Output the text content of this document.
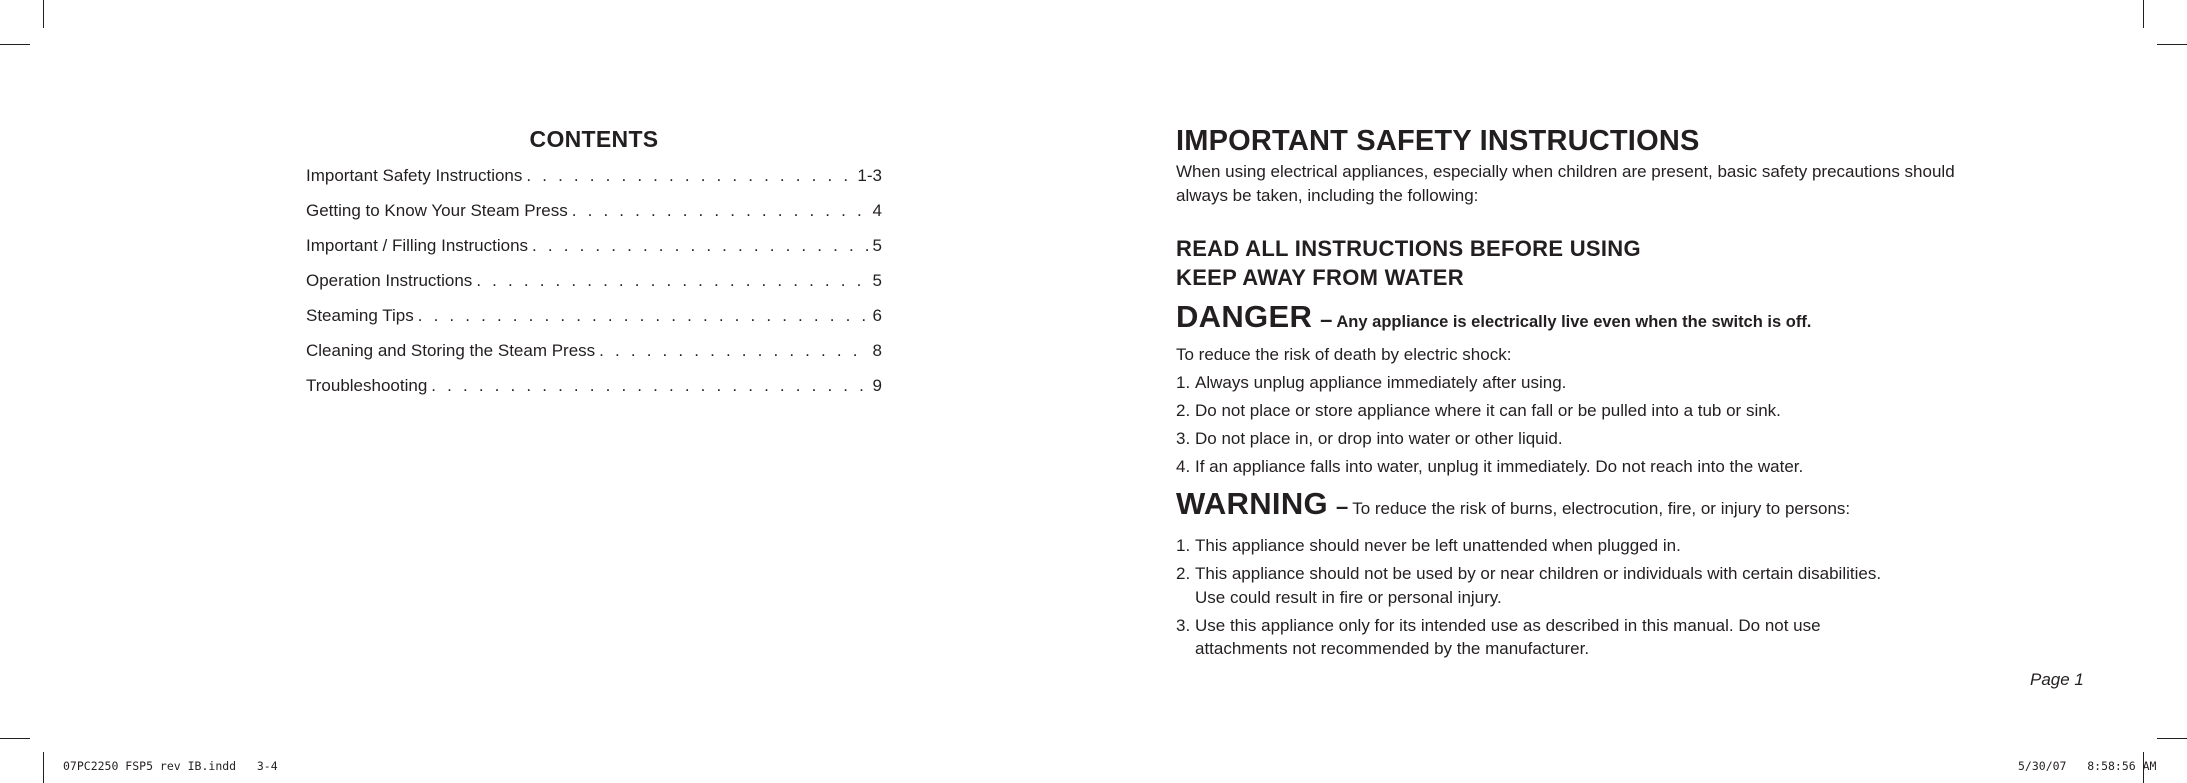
CONTENTS
Important Safety Instructions . . .	1-3
Getting to Know Your Steam Press . . .	4
Important / Filling Instructions . . .	5
Operation Instructions . . .	5
Steaming Tips . . .	6
Cleaning and Storing the Steam Press . . .	8
Troubleshooting . . .	9
IMPORTANT SAFETY INSTRUCTIONS

When using electrical appliances, especially when children are present, basic safety precautions should always be taken, including the following:

READ ALL INSTRUCTIONS BEFORE USING
KEEP AWAY FROM WATER
DANGER – Any appliance is electrically live even when the switch is off.

To reduce the risk of death by electric shock:

1. Always unplug appliance immediately after using.
2. Do not place or store appliance where it can fall or be pulled into a tub or sink.
3. Do not place in, or drop into water or other liquid.
4. If an appliance falls into water, unplug it immediately. Do not reach into the water.
WARNING – To reduce the risk of burns, electrocution, fire, or injury to persons:
1. This appliance should never be left unattended when plugged in.
2. This appliance should not be used by or near children or individuals with certain disabilities.
Use could result in fire or personal injury.
3. Use this appliance only for its intended use as described in this manual. Do not use
attachments not recommended by the manufacturer.
Page 1
07PC2250 FSP5 rev IB.indd   3-4	5/30/07   8:58:56 AM
